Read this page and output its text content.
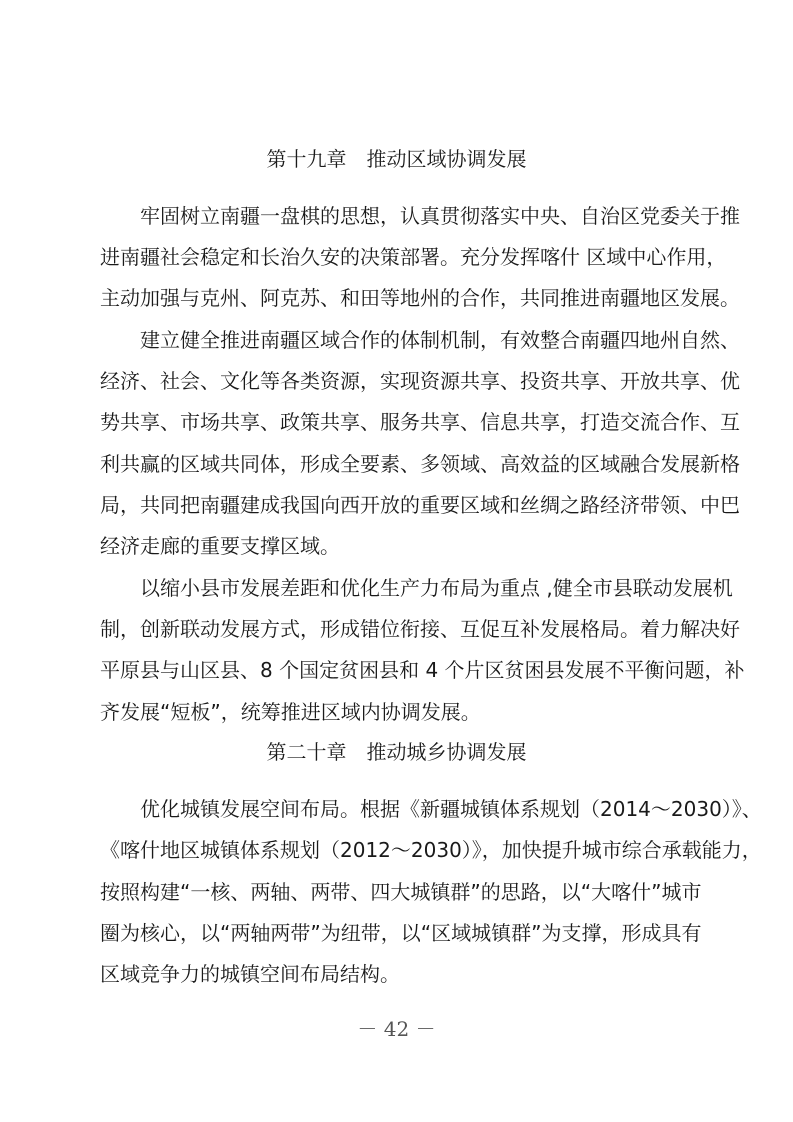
第十九章　推动区域协调发展

牢固树立南疆一盘棋的思想，认真贯彻落实中央、自治区党委关于推

进南疆社会稳定和长治久安的决策部署。充分发挥喀什 区域中心作用，

主动加强与克州、阿克苏、和田等地州的合作，共同推进南疆地区发展。

建立健全推进南疆区域合作的体制机制，有效整合南疆四地州自然、

经济、社会、文化等各类资源，实现资源共享、投资共享、开放共享、优

势共享、市场共享、政策共享、服务共享、信息共享，打造交流合作、互

利共赢的区域共同体，形成全要素、多领域、高效益的区域融合发展新格

局，共同把南疆建成我国向西开放的重要区域和丝绸之路经济带领、中巴

经济走廊的重要支撑区域。

以缩小县市发展差距和优化生产力布局为重点 ,健全市县联动发展机

制，创新联动发展方式，形成错位衔接、互促互补发展格局。着力解决好

平原县与山区县、8 个国定贫困县和 4 个片区贫困县发展不平衡问题，补

齐发展“短板”，统筹推进区域内协调发展。

第二十章　推动城乡协调发展

优化城镇发展空间布局。根据《新疆城镇体系规划（2014～2030）》、

《喀什地区城镇体系规划（2012～2030）》，加快提升城市综合承载能力，

按照构建“一核、两轴、两带、四大城镇群”的思路，以“大喀什”城市

圈为核心，以“两轴两带”为纽带，以“区域城镇群”为支撑，形成具有

区域竞争力的城镇空间布局结构。

－ 42 －
